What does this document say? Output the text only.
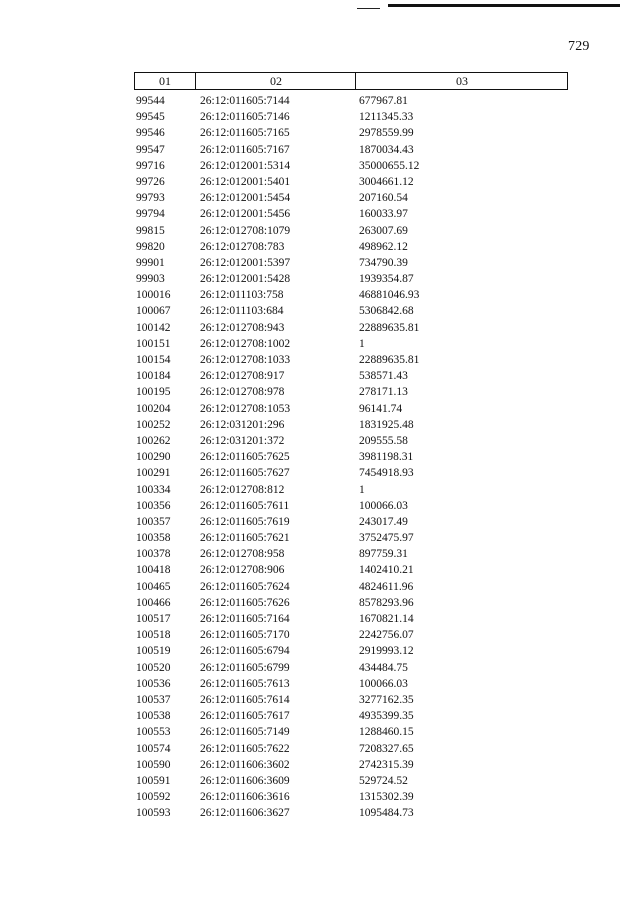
729
01	02	03
99544	26:12:011605:7144	677967.81
99545	26:12:011605:7146	1211345.33
99546	26:12:011605:7165	2978559.99
99547	26:12:011605:7167	1870034.43
99716	26:12:012001:5314	35000655.12
99726	26:12:012001:5401	3004661.12
99793	26:12:012001:5454	207160.54
99794	26:12:012001:5456	160033.97
99815	26:12:012708:1079	263007.69
99820	26:12:012708:783	498962.12
99901	26:12:012001:5397	734790.39
99903	26:12:012001:5428	1939354.87
100016	26:12:011103:758	46881046.93
100067	26:12:011103:684	5306842.68
100142	26:12:012708:943	22889635.81
100151	26:12:012708:1002	1
100154	26:12:012708:1033	22889635.81
100184	26:12:012708:917	538571.43
100195	26:12:012708:978	278171.13
100204	26:12:012708:1053	96141.74
100252	26:12:031201:296	1831925.48
100262	26:12:031201:372	209555.58
100290	26:12:011605:7625	3981198.31
100291	26:12:011605:7627	7454918.93
100334	26:12:012708:812	1
100356	26:12:011605:7611	100066.03
100357	26:12:011605:7619	243017.49
100358	26:12:011605:7621	3752475.97
100378	26:12:012708:958	897759.31
100418	26:12:012708:906	1402410.21
100465	26:12:011605:7624	4824611.96
100466	26:12:011605:7626	8578293.96
100517	26:12:011605:7164	1670821.14
100518	26:12:011605:7170	2242756.07
100519	26:12:011605:6794	2919993.12
100520	26:12:011605:6799	434484.75
100536	26:12:011605:7613	100066.03
100537	26:12:011605:7614	3277162.35
100538	26:12:011605:7617	4935399.35
100553	26:12:011605:7149	1288460.15
100574	26:12:011605:7622	7208327.65
100590	26:12:011606:3602	2742315.39
100591	26:12:011606:3609	529724.52
100592	26:12:011606:3616	1315302.39
100593	26:12:011606:3627	1095484.73
